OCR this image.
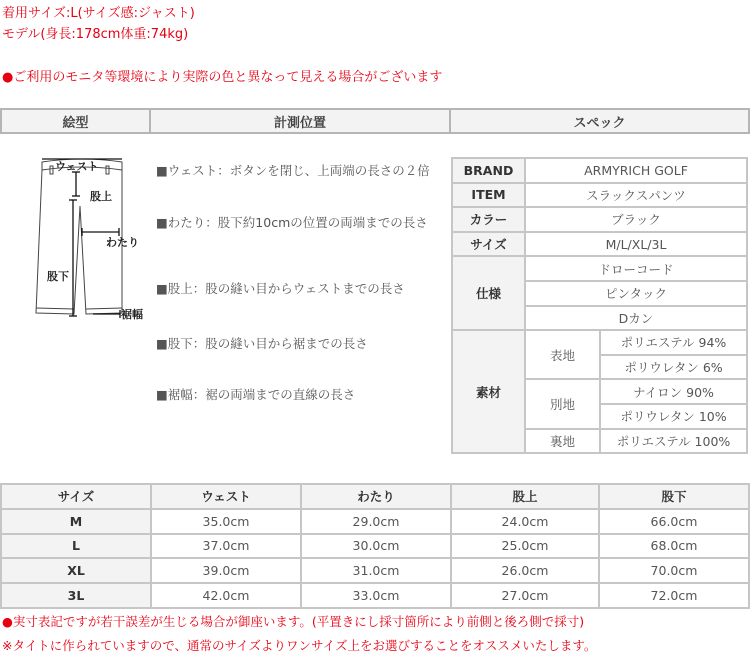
着用サイズ:L(サイズ感:ジャスト)
モデル(身長:178cm体重:74kg)
●ご利用のモニタ等環境により実際の色と異なって見える場合がございます
絵型	計測位置	スペック
ウェスト
股上
わたり
股下
裾幅

■ウェスト：ボタンを閉じ、上両端の長さの２倍

■わたり：股下約10cmの位置の両端までの長さ

■股上：股の縫い目からウェストまでの長さ

■股下：股の縫い目から裾までの長さ

■裾幅：裾の両端までの直線の長さ

BRAND	ARMYRICH GOLF	
ITEM	スラックスパンツ	
カラー	ブラック	
サイズ	M/L/XL/3L	
仕様	ドローコード	
	ピンタック	
	Dカン	
素材	表地	ポリエステル 94%
		ポリウレタン 6%
	別地	ナイロン 90%
		ポリウレタン 10%
	裏地	ポリエステル 100%
サイズ	ウェスト	わたり	股上	股下
M	35.0cm	29.0cm	24.0cm	66.0cm
L	37.0cm	30.0cm	25.0cm	68.0cm
XL	39.0cm	31.0cm	26.0cm	70.0cm
3L	42.0cm	33.0cm	27.0cm	72.0cm
●実寸表記ですが若干誤差が生じる場合が御座います。(平置きにし採寸箇所により前側と後ろ側で採寸)
※タイトに作られていますので、通常のサイズよりワンサイズ上をお選びすることをオススメいたします。
